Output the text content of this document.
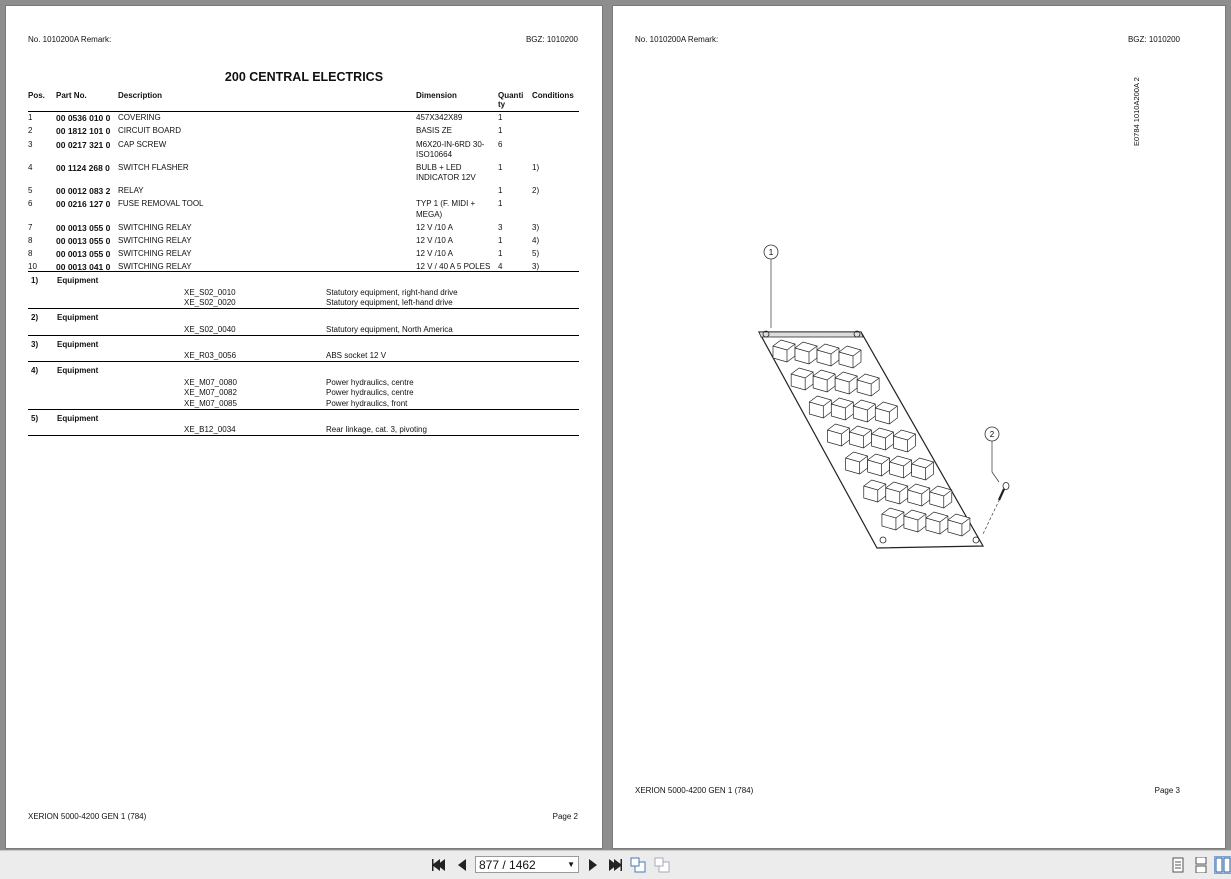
No. 1010200A Remark:	BGZ: 1010200
200 CENTRAL ELECTRICS
Pos.	Part No.	Description	Dimension	Quanti ty	Conditions
1	00 0536 010 0	COVERING	457X342X89	1	
2	00 1812 101 0	CIRCUIT BOARD	BASIS ZE	1	
3	00 0217 321 0	CAP SCREW	M6X20-IN-6RD 30-ISO10664	6	
4	00 1124 268 0	SWITCH FLASHER	BULB + LED INDICATOR 12V	1	1)
5	00 0012 083 2	RELAY		1	2)
6	00 0216 127 0	FUSE REMOVAL TOOL	TYP 1 (F. MIDI + MEGA)	1	
7	00 0013 055 0	SWITCHING RELAY	12 V /10 A	3	3)
8	00 0013 055 0	SWITCHING RELAY	12 V /10 A	1	4)
8	00 0013 055 0	SWITCHING RELAY	12 V /10 A	1	5)
10	00 0013 041 0	SWITCHING RELAY	12 V / 40 A 5 POLES	4	3)
1)	Equipment
XE_S02_0010	Statutory equipment, right-hand drive
XE_S02_0020	Statutory equipment, left-hand drive
2)	Equipment
XE_S02_0040	Statutory equipment, North America
3)	Equipment
XE_R03_0056	ABS socket 12 V
4)	Equipment
XE_M07_0080	Power hydraulics, centre
XE_M07_0082	Power hydraulics, centre
XE_M07_0085	Power hydraulics, front
5)	Equipment
XE_B12_0034	Rear linkage, cat. 3, pivoting
XERION 5000-4200 GEN 1 (784)	Page 2
No. 1010200A Remark:	BGZ: 1010200
E0784 1010A200A 2
1
2
XERION 5000-4200 GEN 1 (784)	Page 3
877 / 1462	▼
